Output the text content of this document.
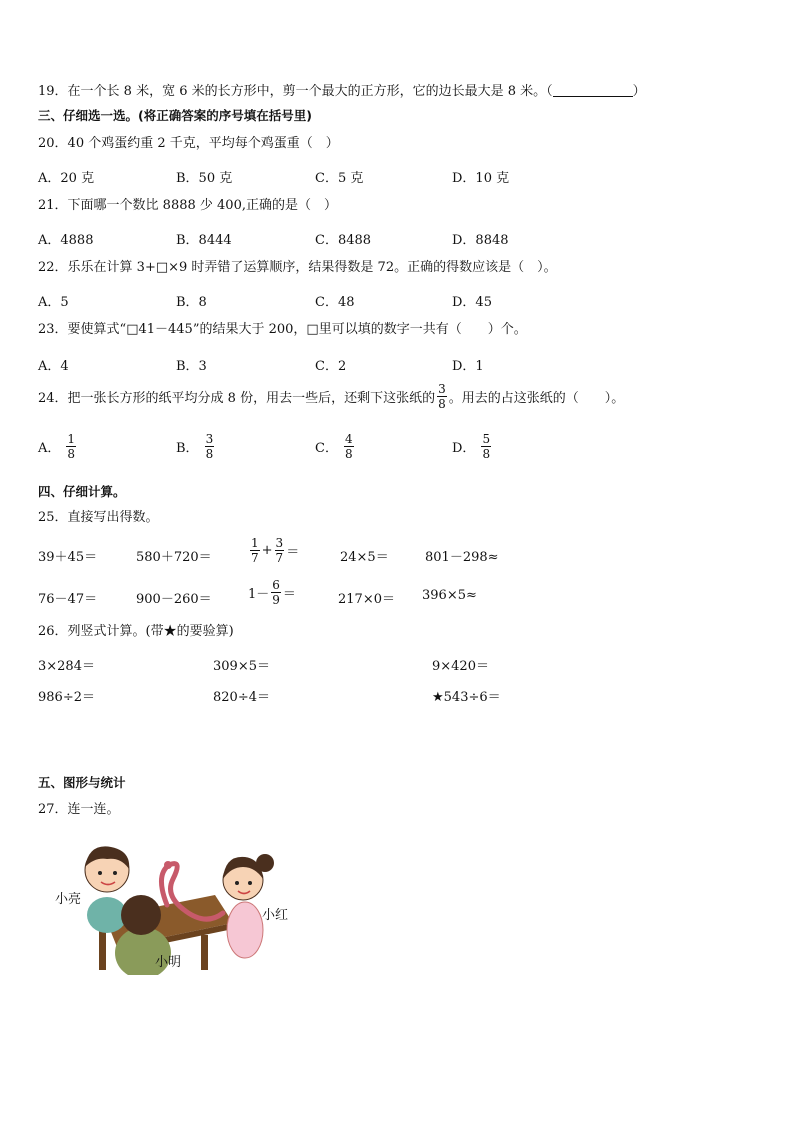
19．在一个长 8 米，宽 6 米的长方形中，剪一个最大的正方形，它的边长最大是 8 米。（	）
三、仔细选一选。(将正确答案的序号填在括号里)
20．40 个鸡蛋约重 2 千克，平均每个鸡蛋重（　）
A．20 克	B．50 克	C．5 克	D．10 克
21．下面哪一个数比 8888 少 400,正确的是（　）
A．4888	B．8444	C．8488	D．8848
22．乐乐在计算 3+□×9 时弄错了运算顺序，结果得数是 72。正确的得数应该是（　）。
A．5	B．8	C．48	D．45
23．要使算式“□41－445”的结果大于 200，□里可以填的数字一共有（　　）个。
A．4	B．3	C．2	D．1
24．把一张长方形的纸平均分成 8 份，用去一些后，还剩下这张纸的 $\frac{3}{8}$ 。用去的占这张纸的（　　）。
A． $\frac{1}{8}$	B． $\frac{3}{8}$	C． $\frac{4}{8}$	D． $\frac{5}{8}$
四、仔细计算。
25．直接写出得数。
39＋45＝	580＋720＝	$\frac{1}{7} + \frac{3}{7}$ ＝	24×5＝	801－298≈
76－47＝	900－260＝	$1- \frac{6}{9}$ ＝	217×0＝ 396×5≈
26．列竖式计算。(带★的要验算)
3×284＝	309×5＝	9×420＝
986÷2＝	820÷4＝	★543÷6＝
五、图形与统计
27．连一连。
小亮
小红
小明
